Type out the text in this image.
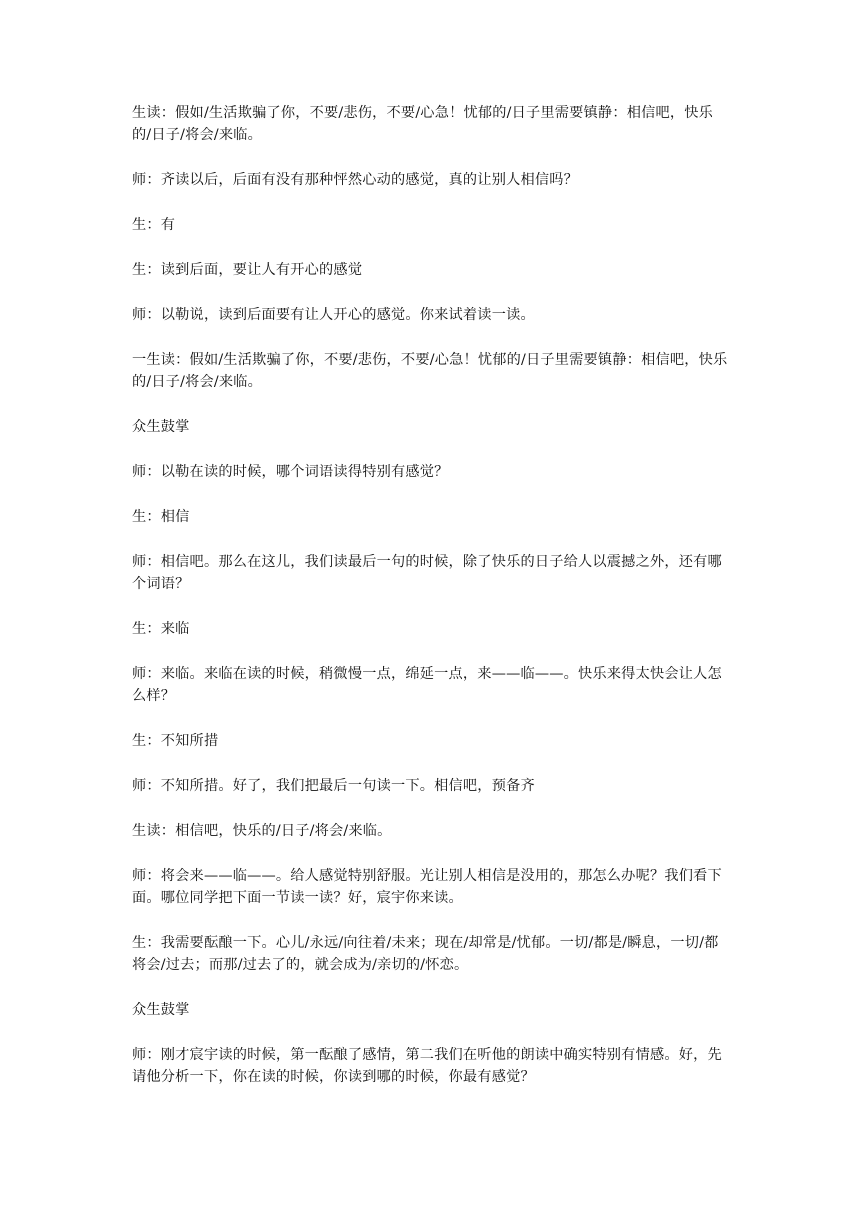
生读：假如/生活欺骗了你，不要/悲伤，不要/心急！忧郁的/日子里需要镇静：相信吧，快乐的/日子/将会/来临。

师：齐读以后，后面有没有那种怦然心动的感觉，真的让别人相信吗？

生：有

生：读到后面，要让人有开心的感觉

师：以勒说，读到后面要有让人开心的感觉。你来试着读一读。

一生读：假如/生活欺骗了你，不要/悲伤，不要/心急！忧郁的/日子里需要镇静：相信吧，快乐的/日子/将会/来临。

众生鼓掌

师：以勒在读的时候，哪个词语读得特别有感觉？

生：相信

师：相信吧。那么在这儿，我们读最后一句的时候，除了快乐的日子给人以震撼之外，还有哪个词语？

生：来临

师：来临。来临在读的时候，稍微慢一点，绵延一点，来——临——。快乐来得太快会让人怎么样？

生：不知所措

师：不知所措。好了，我们把最后一句读一下。相信吧，预备齐

生读：相信吧，快乐的/日子/将会/来临。

师：将会来——临——。给人感觉特别舒服。光让别人相信是没用的，那怎么办呢？我们看下面。哪位同学把下面一节读一读？好，宸宇你来读。

生：我需要酝酿一下。心儿/永远/向往着/未来；现在/却常是/忧郁。一切/都是/瞬息，一切/都将会/过去；而那/过去了的，就会成为/亲切的/怀恋。

众生鼓掌

师：刚才宸宇读的时候，第一酝酿了感情，第二我们在听他的朗读中确实特别有情感。好，先请他分析一下，你在读的时候，你读到哪的时候，你最有感觉？
